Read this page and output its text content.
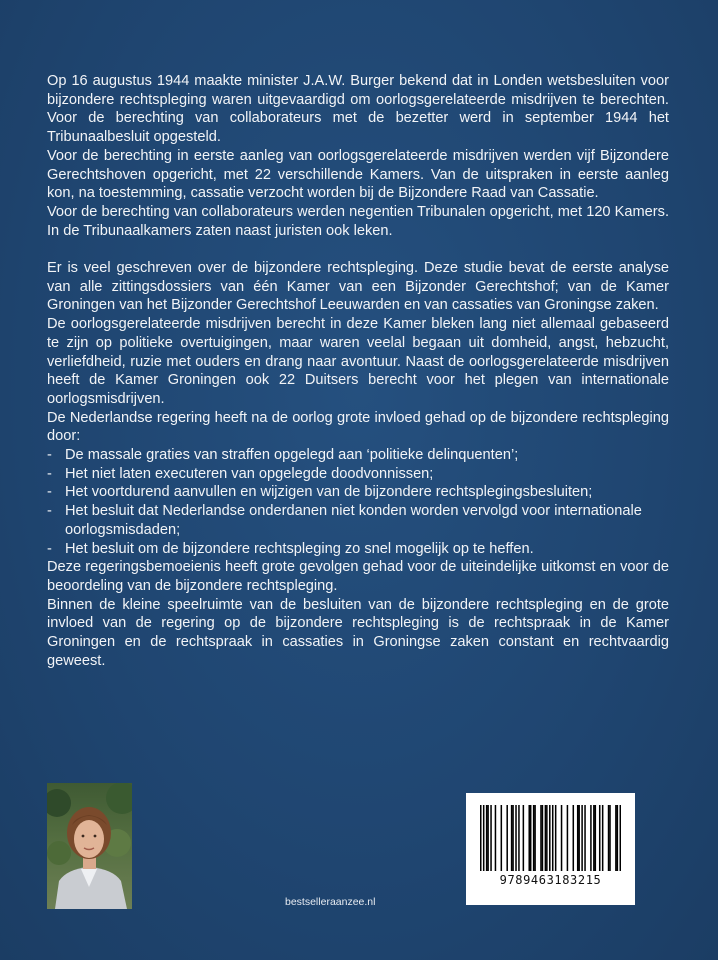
Op 16 augustus 1944 maakte minister J.A.W. Burger bekend dat in Londen wetsbesluiten voor bijzondere rechtspleging waren uitgevaardigd om oorlogsgerelateerde misdrijven te berechten. Voor de berechting van collaborateurs met de bezetter werd in september 1944 het Tribunaalbesluit opgesteld.

Voor de berechting in eerste aanleg van oorlogsgerelateerde misdrijven werden vijf Bijzondere Gerechtshoven opgericht, met 22 verschillende Kamers. Van de uitspraken in eerste aanleg kon, na toestemming, cassatie verzocht worden bij de Bijzondere Raad van Cassatie.

Voor de berechting van collaborateurs werden negentien Tribunalen opgericht, met 120 Kamers. In de Tribunaalkamers zaten naast juristen ook leken.

Er is veel geschreven over de bijzondere rechtspleging. Deze studie bevat de eerste analyse van alle zittingsdossiers van één Kamer van een Bijzonder Gerechtshof; van de Kamer Groningen van het Bijzonder Gerechtshof Leeuwarden en van cassaties van Groningse zaken.

De oorlogsgerelateerde misdrijven berecht in deze Kamer bleken lang niet allemaal gebaseerd te zijn op politieke overtuigingen, maar waren veelal begaan uit domheid, angst, hebzucht, verliefdheid, ruzie met ouders en drang naar avontuur. Naast de oorlogsgerelateerde misdrijven heeft de Kamer Groningen ook 22 Duitsers berecht voor het plegen van internationale oorlogsmisdrijven.

De Nederlandse regering heeft na de oorlog grote invloed gehad op de bijzondere rechtspleging door:

- De massale graties van straffen opgelegd aan ‘politieke delinquenten’;
- Het niet laten executeren van opgelegde doodvonnissen;
- Het voortdurend aanvullen en wijzigen van de bijzondere rechtsplegingsbesluiten;
- Het besluit dat Nederlandse onderdanen niet konden worden vervolgd voor internationale oorlogsmisdaden;
- Het besluit om de bijzondere rechtspleging zo snel mogelijk op te heffen.

Deze regeringsbemoeienis heeft grote gevolgen gehad voor de uiteindelijke uitkomst en voor de beoordeling van de bijzondere rechtspleging.

Binnen de kleine speelruimte van de besluiten van de bijzondere rechtspleging en de grote invloed van de regering op de bijzondere rechtspleging is de rechtspraak in de Kamer Groningen en de rechtspraak in cassaties in Groningse zaken constant en rechtvaardig geweest.

9789463183215
bestselleraanzee.nl
